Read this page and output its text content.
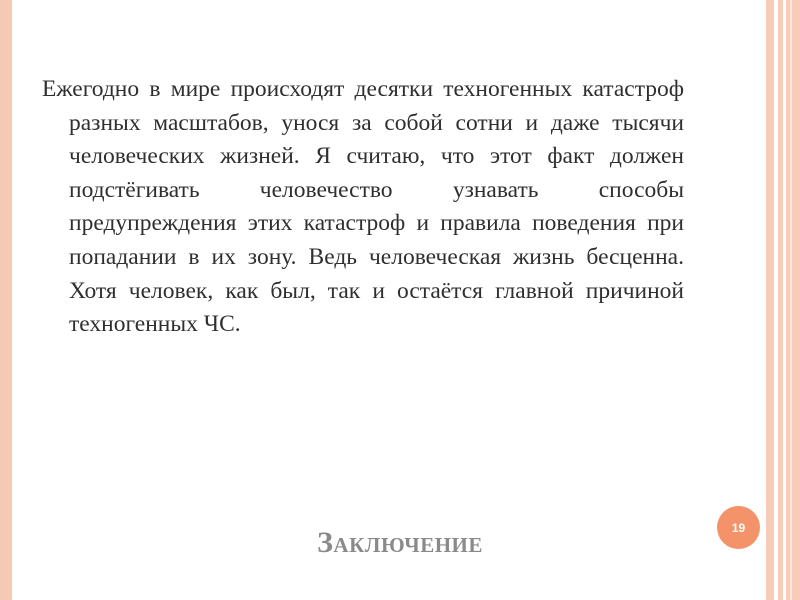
Ежегодно в мире происходят десятки техногенных катастроф разных масштабов, унося за собой сотни и даже тысячи человеческих жизней. Я считаю, что этот факт должен подстёгивать человечество узнавать способы предупреждения этих катастроф и правила поведения при попадании в их зону. Ведь человеческая жизнь бесценна. Хотя человек, как был, так и остаётся главной причиной техногенных ЧС.

19
Заключение
